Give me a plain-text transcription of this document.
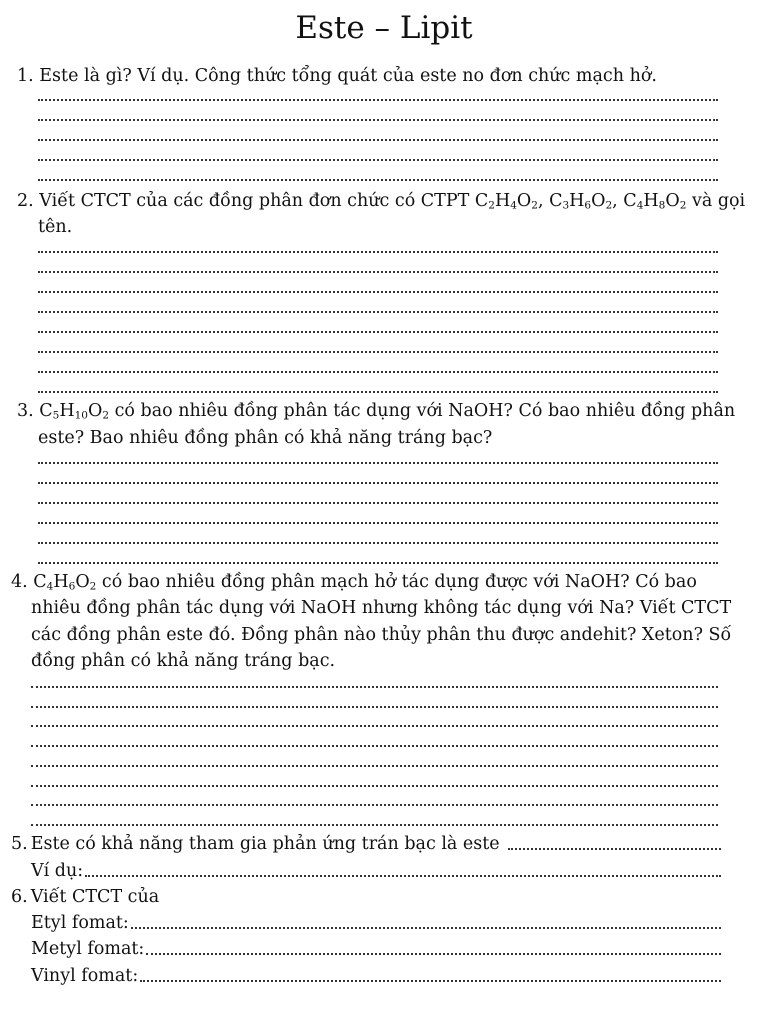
Este – Lipit
1. Este là gì? Ví dụ. Công thức tổng quát của este no đơn chức mạch hở.
2. Viết CTCT của các đồng phân đơn chức có CTPT $C_2H_4O_2$, $C_3H_6O_2$, $C_4H_8O_2$ và gọi
tên.
3. $C_5H_{10}O_2$ có bao nhiêu đồng phân tác dụng với NaOH? Có bao nhiêu đồng phân
este? Bao nhiêu đồng phân có khả năng tráng bạc?
4. $C_4H_6O_2$ có bao nhiêu đồng phân mạch hở tác dụng được với NaOH? Có bao
nhiêu đồng phân tác dụng với NaOH nhưng không tác dụng với Na? Viết CTCT
các đồng phân este đó. Đồng phân nào thủy phân thu được andehit? Xeton? Số
đồng phân có khả năng tráng bạc.
5. Este có khả năng tham gia phản ứng trán bạc là este
Ví dụ:
6. Viết CTCT của
Etyl fomat:
Metyl fomat:
Vinyl fomat:
